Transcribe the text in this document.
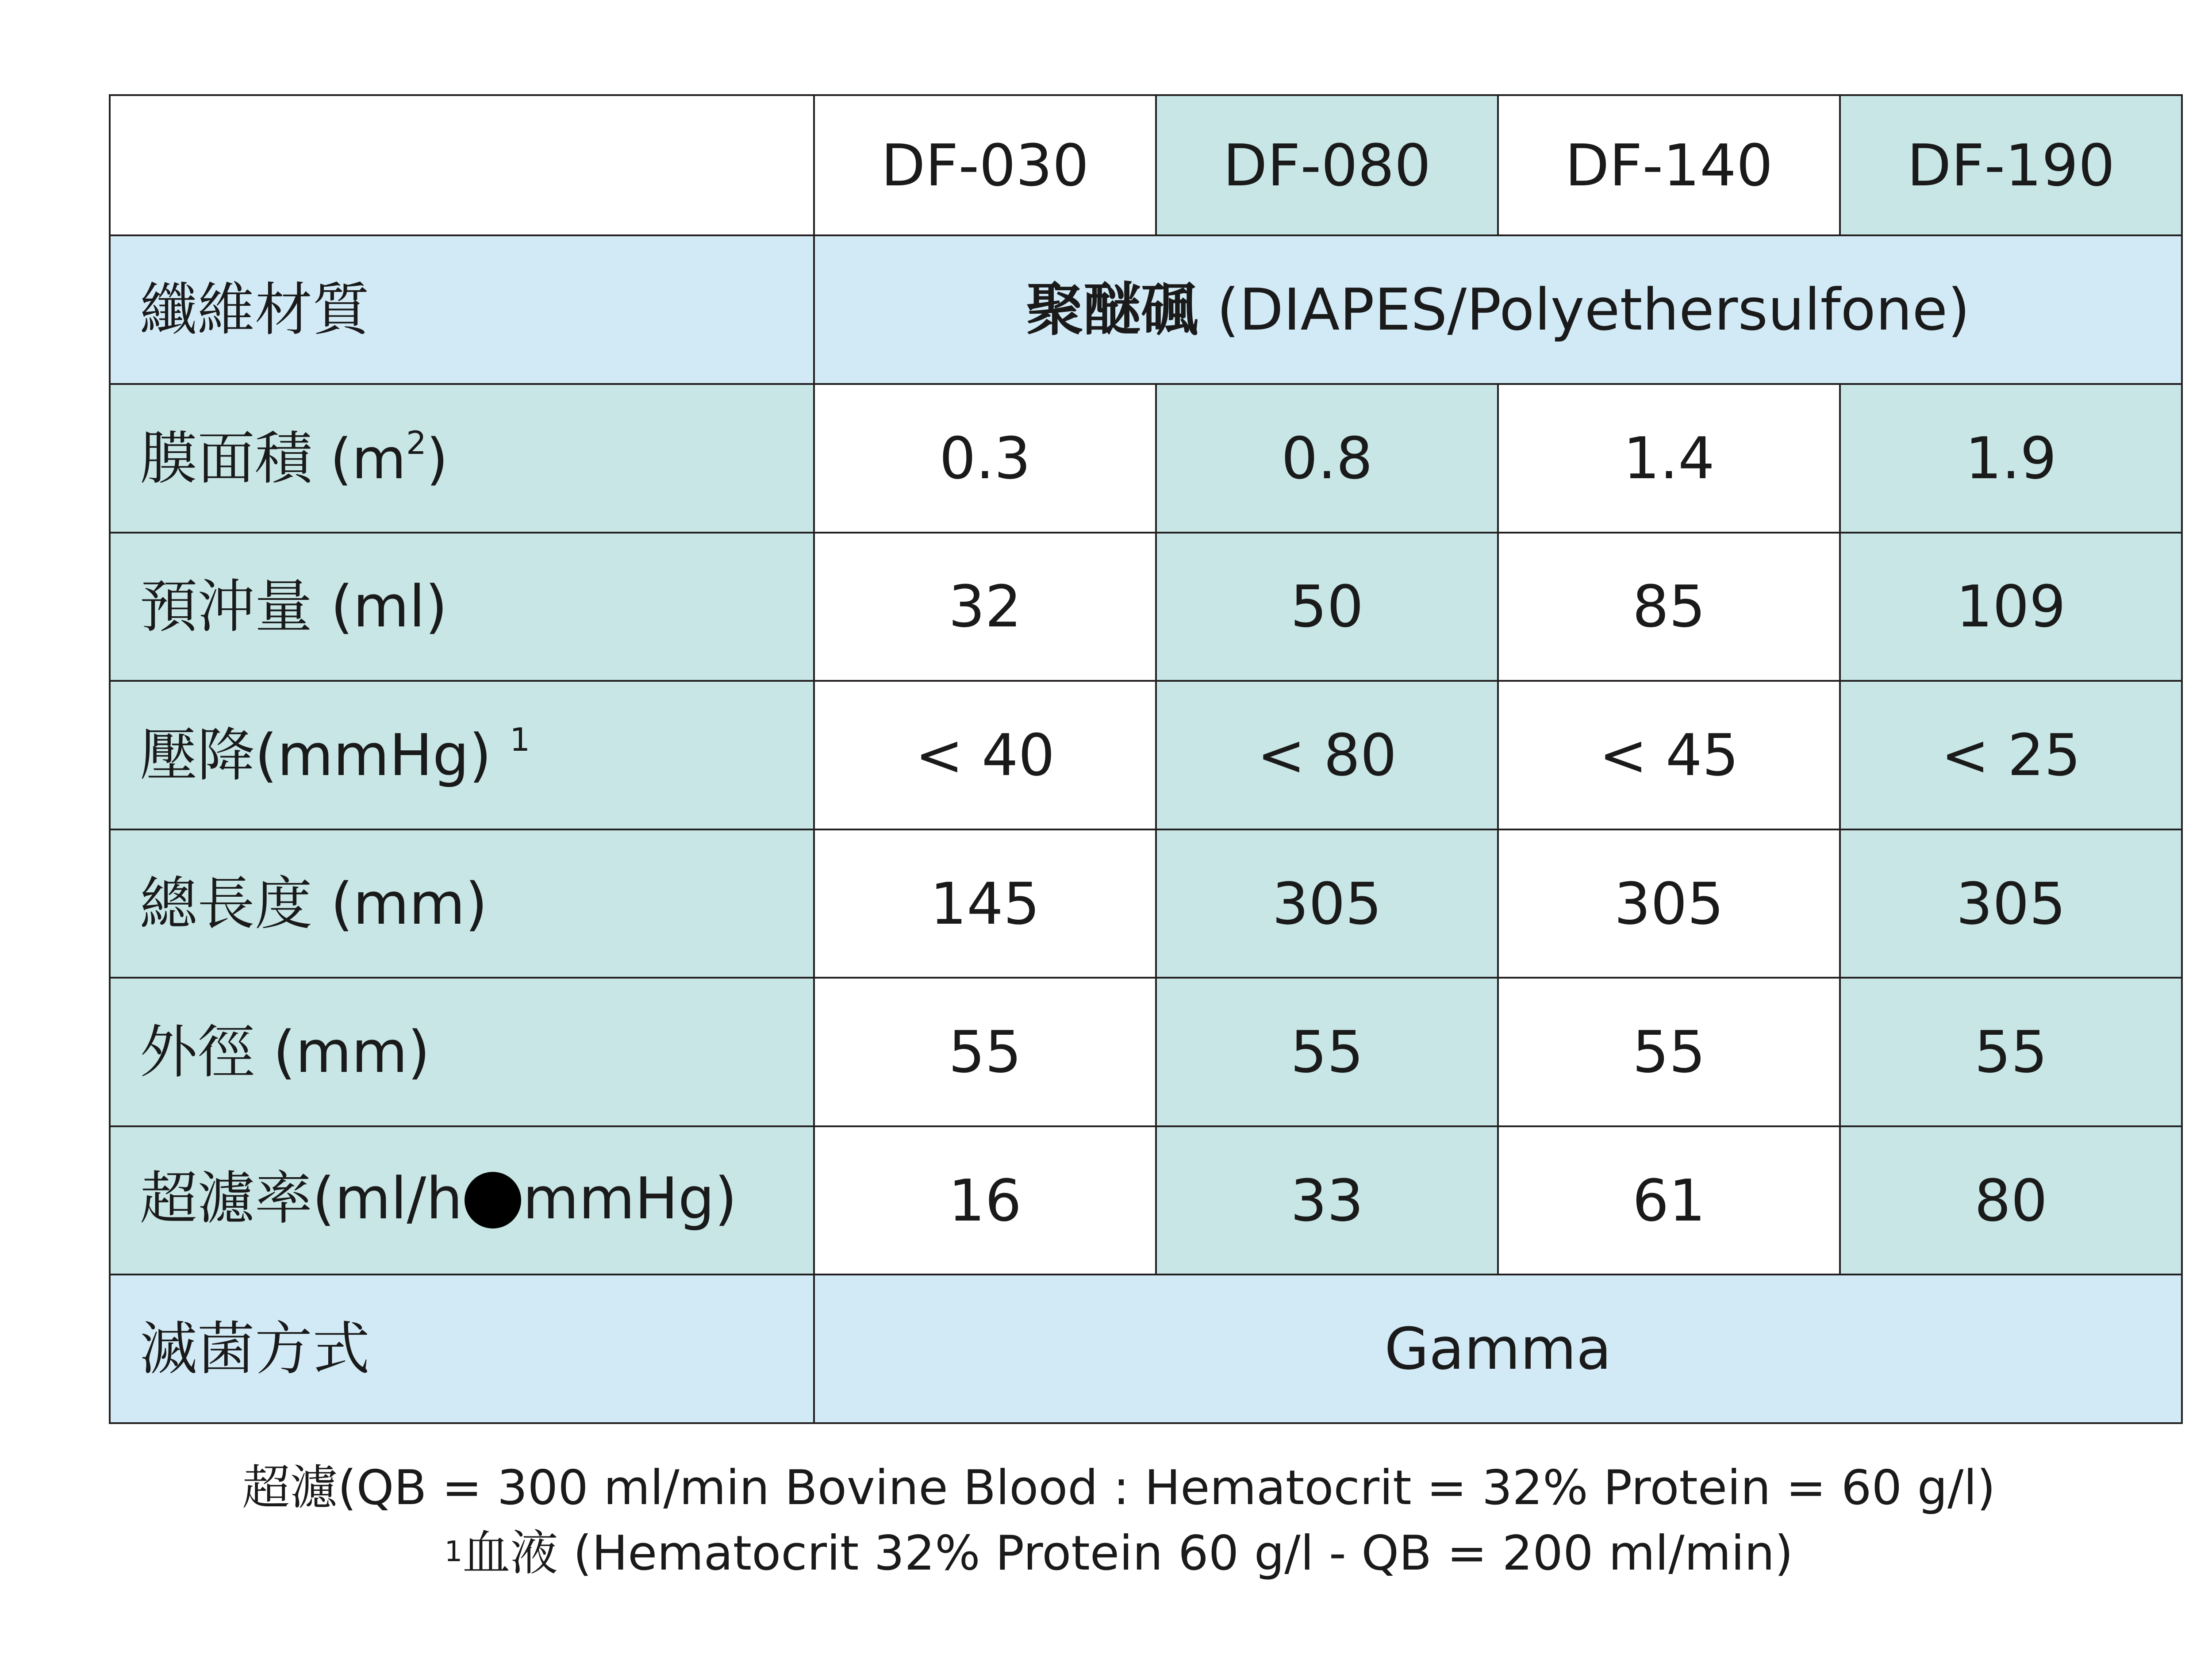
	DF-030	DF-080	DF-140	DF-190
纖維材質	聚醚碸 (DIAPES/Polyethersulfone)			
膜面積 $(m^2)$	0.3	0.8	1.4	1.9
預沖量 (ml)	32	50	85	109
壓降(mmHg) $^1$	< 40	< 80	< 45	< 25
總長度 (mm)	145	305	305	305
外徑 (mm)	55	55	55	55
超濾率(ml/h mmHg)	16	33	61	80
滅菌方式	Gamma			
超濾(QB = 300 ml/min Bovine Blood : Hematocrit = 32% Protein = 60 g/l)
$^1$血液 (Hematocrit 32% Protein 60 g/l - QB = 200 ml/min)
